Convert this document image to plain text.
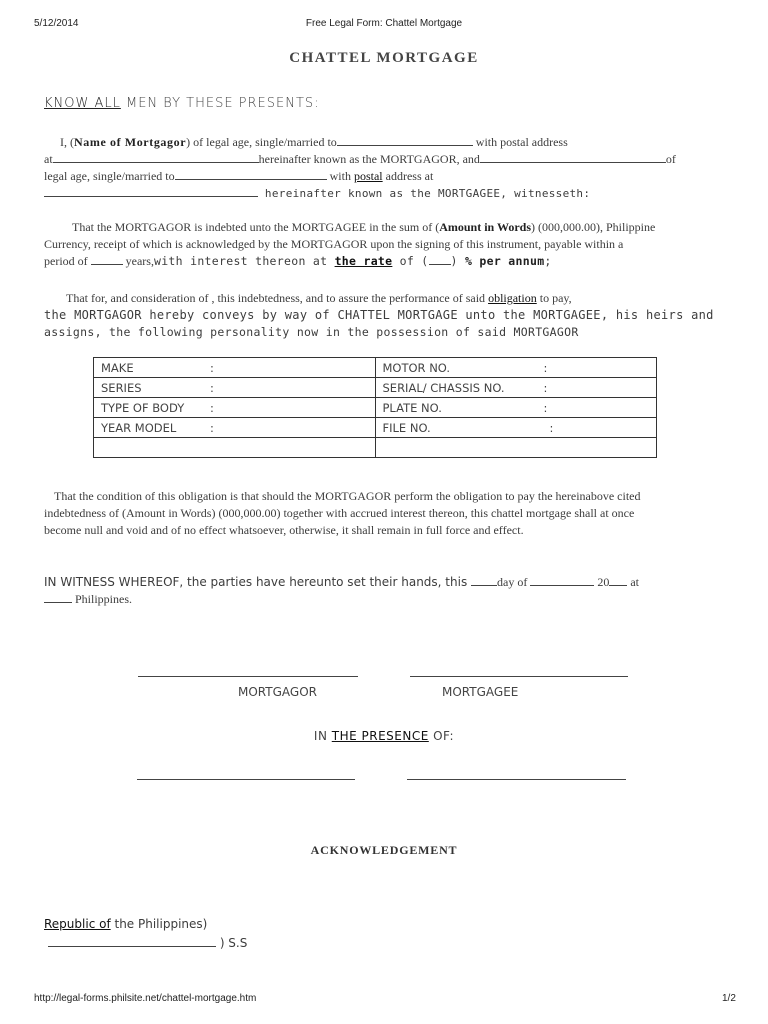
5/12/2014	Free Legal Form: Chattel Mortgage
CHATTEL MORTGAGE
KNOW ALL MEN BY THESE PRESENTS:
I, (Name of Mortgagor) of legal age, single/married to	with postal address
at	hereinafter known as the MORTGAGOR, and	of
legal age, single/married to	with postal address at
hereinafter known as the MORTGAGEE, witnesseth:
That the MORTGAGOR is indebted unto the MORTGAGEE in the sum of (Amount in Words) (000,000.00), Philippine
Currency, receipt of which is acknowledged by the MORTGAGOR upon the signing of this instrument, payable within a
period of	years,with interest thereon at the rate of ( ) % per annum;
That for, and consideration of , this indebtedness, and to assure the performance of said obligation to pay,
the MORTGAGOR hereby conveys by way of CHATTEL MORTGAGE unto the MORTGAGEE, his heirs and
assigns, the following personality now in the possession of said MORTGAGOR
MAKE :	MOTOR NO. :

SERIES :	SERIAL/ CHASSIS NO. :

TYPE OF BODY :	PLATE NO. :

YEAR MODEL :	FILE NO. :

That the condition of this obligation is that should the MORTGAGOR perform the obligation to pay the hereinabove cited
indebtedness of (Amount in Words) (000,000.00) together with accrued interest thereon, this chattel mortgage shall at once
become null and void and of no effect whatsoever, otherwise, it shall remain in full force and effect.
IN WITNESS WHEREOF, the parties have hereunto set their hands, this day of	20 at
Philippines.
MORTGAGOR	MORTGAGEE
IN THE PRESENCE OF:
ACKNOWLEDGEMENT
Republic of the Philippines)
) S.S
http://legal-forms.philsite.net/chattel-mortgage.htm	1/2
